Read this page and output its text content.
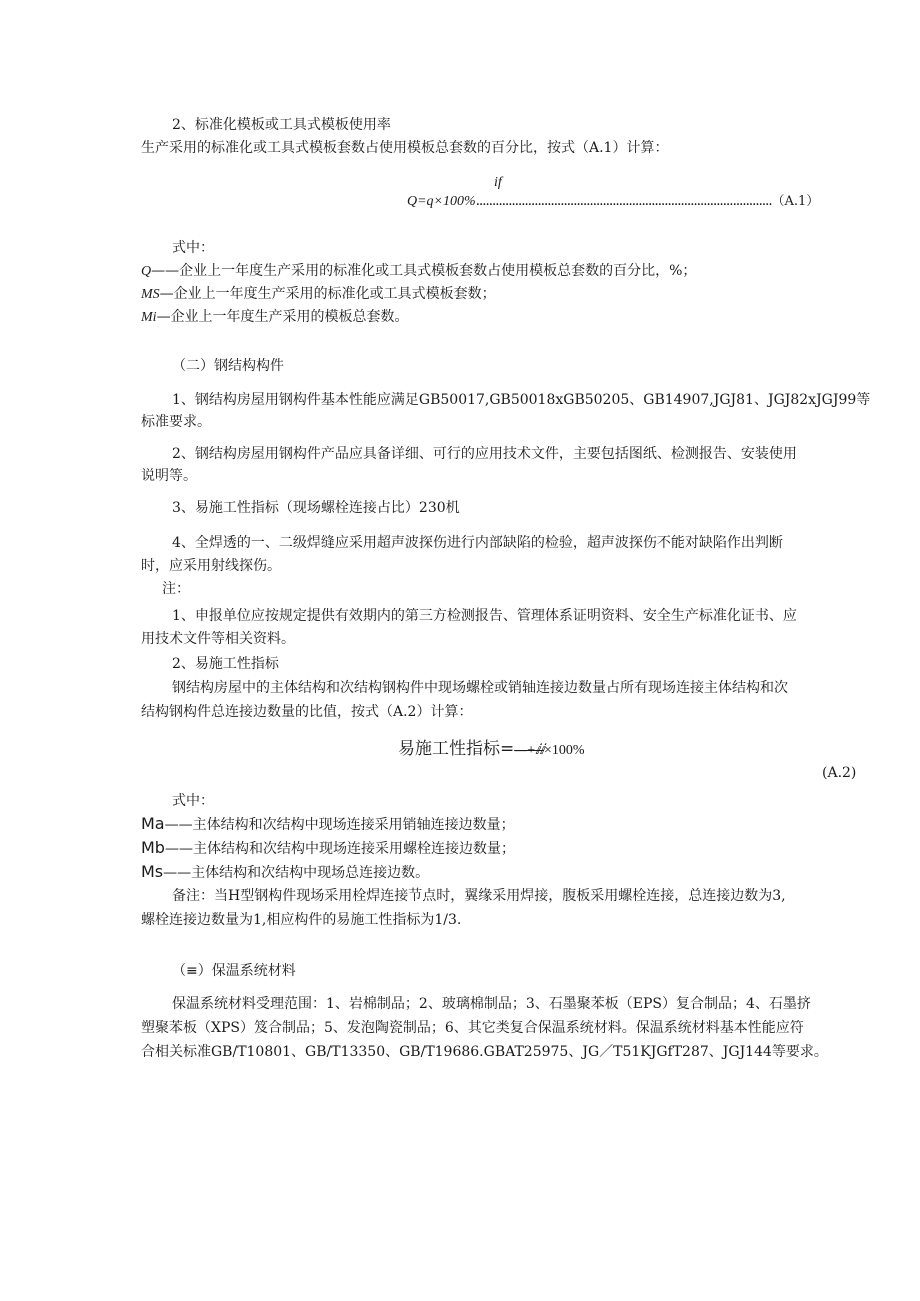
2、标准化模板或工具式模板使用率
生产采用的标准化或工具式模板套数占使用模板总套数的百分比，按式（A.1）计算：
if
Q=q×100%...........................................................................................（A.1）
式中：
Q——企业上一年度生产采用的标准化或工具式模板套数占使用模板总套数的百分比，%；
MS—企业上一年度生产采用的标准化或工具式模板套数；
Mi—企业上一年度生产采用的模板总套数。
（二）钢结构构件
1、钢结构房屋用钢构件基本性能应满足GB50017,GB50018xGB50205、GB14907,JGJ81、JGJ82xJGJ99等
标准要求。
2、钢结构房屋用钢构件产品应具备详细、可行的应用技术文件，主要包括图纸、检测报告、安装使用
说明等。
3、易施工性指标（现场螺栓连接占比）230机
4、全焊透的一、二级焊缝应采用超声波探伤进行内部缺陷的检验，超声波探伤不能对缺陷作出判断
时，应采用射线探伤。
注：
1、申报单位应按规定提供有效期内的第三方检测报告、管理体系证明资料、安全生产标准化证书、应
用技术文件等相关资料。
2、易施工性指标
钢结构房屋中的主体结构和次结构钢构件中现场螺栓或销轴连接边数量占所有现场连接主体结构和次
结构钢构件总连接边数量的比值，按式（A.2）计算：
易施工性指标=—+ⅈⅈ×100%
(A.2)
式中：
Ma——主体结构和次结构中现场连接采用销轴连接边数量；
Mb——主体结构和次结构中现场连接采用螺栓连接边数量；
Ms——主体结构和次结构中现场总连接边数。
备注：当H型钢构件现场采用栓焊连接节点时，翼缘采用焊接，腹板采用螺栓连接，总连接边数为3,
螺栓连接边数量为1,相应构件的易施工性指标为1/3.
（≡）保温系统材料
保温系统材料受理范围：1、岩棉制品；2、玻璃棉制品；3、石墨聚苯板（EPS）复合制品；4、石墨挤
塑聚苯板（XPS）笈合制品；5、发泡陶瓷制品；6、其它类复合保温系统材料。保温系统材料基本性能应符
合相关标准GB/T10801、GB/T13350、GB/T19686.GBAT25975、JG／T51KJGfT287、JGJ144等要求。
